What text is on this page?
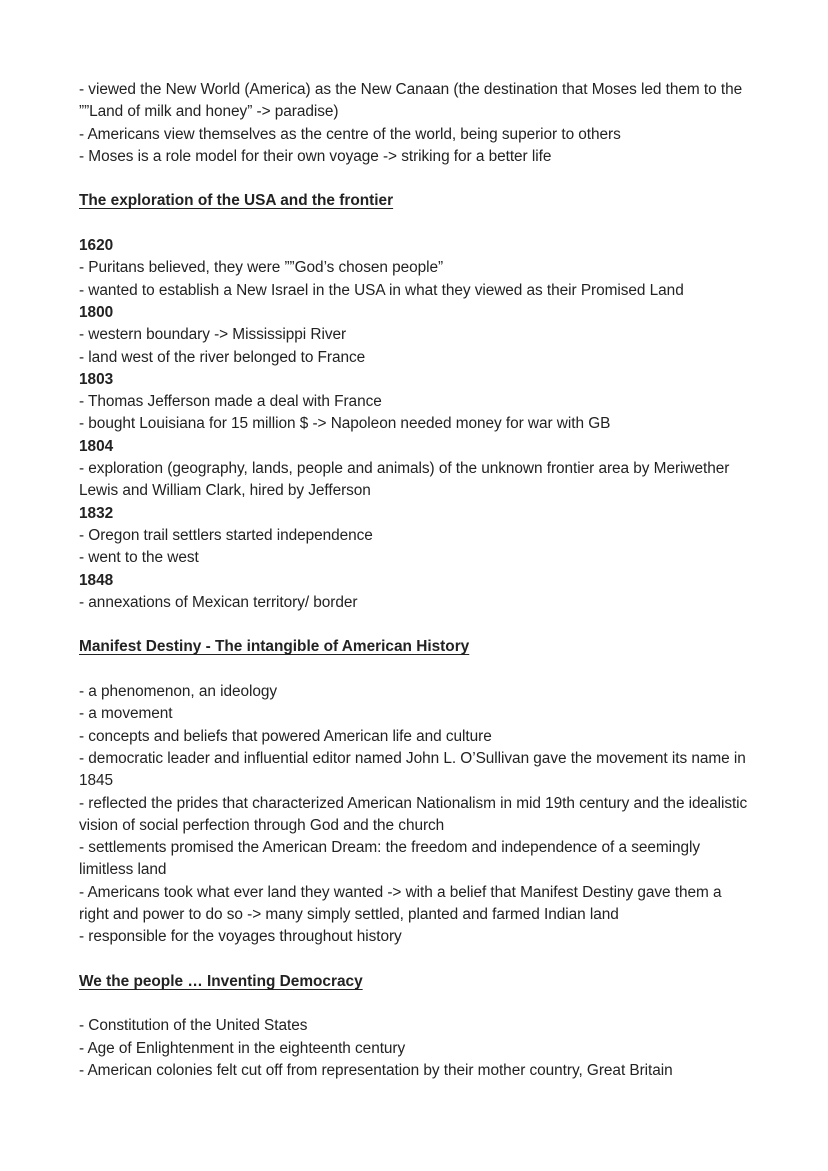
- viewed the New World (America) as the New Canaan (the destination that Moses led them to the ””Land of milk and honey” -> paradise)
- Americans view themselves as the centre of the world, being superior to others
- Moses is a role model for their own voyage -> striking for a better life
The exploration of the USA and the frontier
1620
- Puritans believed, they were ””God’s chosen people”
- wanted to establish a New Israel in the USA in what they viewed as their Promised Land
1800
- western boundary -> Mississippi River
- land west of the river belonged to France
1803
- Thomas Jefferson made a deal with France
- bought Louisiana for 15 million $ -> Napoleon needed money for war with GB
1804
- exploration (geography, lands, people and animals) of the unknown frontier area by Meriwether Lewis and William Clark, hired by Jefferson
1832
- Oregon trail settlers started independence
- went to the west
1848
- annexations of Mexican territory/ border
Manifest Destiny - The intangible of American History
- a phenomenon, an ideology
- a movement
- concepts and beliefs that powered American life and culture
- democratic leader and influential editor named John L. O’Sullivan gave the movement its name in 1845
- reflected the prides that characterized American Nationalism in mid 19th century and the idealistic vision of social perfection through God and the church
- settlements promised the American Dream: the freedom and independence of a seemingly limitless land
- Americans took what ever land they wanted -> with a belief that Manifest Destiny gave them a right and power to do so -> many simply settled, planted and farmed Indian land
- responsible for the voyages throughout history
We the people … Inventing Democracy
- Constitution of the United States
- Age of Enlightenment in the eighteenth century
- American colonies felt cut off from representation by their mother country, Great Britain
